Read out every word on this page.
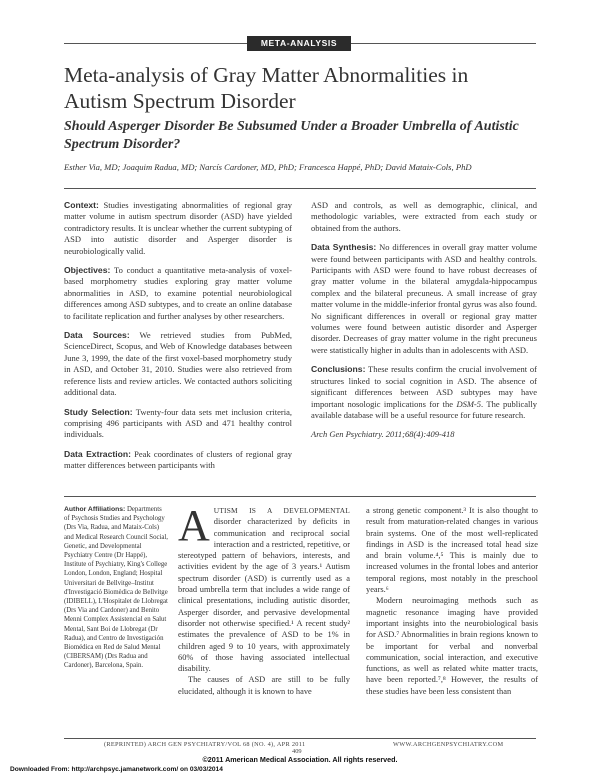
META-ANALYSIS
Meta-analysis of Gray Matter Abnormalities in Autism Spectrum Disorder
Should Asperger Disorder Be Subsumed Under a Broader Umbrella of Autistic Spectrum Disorder?
Esther Via, MD; Joaquim Radua, MD; Narcís Cardoner, MD, PhD; Francesca Happé, PhD; David Mataix-Cols, PhD

Context: Studies investigating abnormalities of regional gray matter volume in autism spectrum disorder (ASD) have yielded contradictory results. It is unclear whether the current subtyping of ASD into autistic disorder and Asperger disorder is neurobiologically valid.

Objectives: To conduct a quantitative meta-analysis of voxel-based morphometry studies exploring gray matter volume abnormalities in ASD, to examine potential neurobiological differences among ASD subtypes, and to create an online database to facilitate replication and further analyses by other researchers.

Data Sources: We retrieved studies from PubMed, ScienceDirect, Scopus, and Web of Knowledge databases between June 3, 1999, the date of the first voxel-based morphometry study in ASD, and October 31, 2010. Studies were also retrieved from reference lists and review articles. We contacted authors soliciting additional data.

Study Selection: Twenty-four data sets met inclusion criteria, comprising 496 participants with ASD and 471 healthy control individuals.

Data Extraction: Peak coordinates of clusters of regional gray matter differences between participants with

ASD and controls, as well as demographic, clinical, and methodologic variables, were extracted from each study or obtained from the authors.

Data Synthesis: No differences in overall gray matter volume were found between participants with ASD and healthy controls. Participants with ASD were found to have robust decreases of gray matter volume in the bilateral amygdala-hippocampus complex and the bilateral precuneus. A small increase of gray matter volume in the middle-inferior frontal gyrus was also found. No significant differences in overall or regional gray matter volumes were found between autistic disorder and Asperger disorder. Decreases of gray matter volume in the right precuneus were statistically higher in adults than in adolescents with ASD.

Conclusions: These results confirm the crucial involvement of structures linked to social cognition in ASD. The absence of significant differences between ASD subtypes may have important nosologic implications for the DSM-5. The publically available database will be a useful resource for future research.

Arch Gen Psychiatry. 2011;68(4):409-418

Author Affiliations: Departments of Psychosis Studies and Psychology (Drs Via, Radua, and Mataix-Cols) and Medical Research Council Social, Genetic, and Developmental Psychiatry Centre (Dr Happé), Institute of Psychiatry, King's College London, London, England; Hospital Universitari de Bellvitge–Institut d'Investigació Biomèdica de Bellvitge (IDIBELL), L'Hospitalet de Llobregat (Drs Via and Cardoner) and Benito Menni Complex Assistencial en Salut Mental, Sant Boi de Llobregat (Dr Radua), and Centro de Investigación Biomédica en Red de Salud Mental (CIBERSAM) (Drs Radua and Cardoner), Barcelona, Spain.

AUTISM IS A DEVELOPMENTAL disorder characterized by deficits in communication and reciprocal social interaction and a restricted, repetitive, or stereotyped pattern of behaviors, interests, and activities evident by the age of 3 years.¹ Autism spectrum disorder (ASD) is currently used as a broad umbrella term that includes a wide range of clinical presentations, including autistic disorder, Asperger disorder, and pervasive developmental disorder not otherwise specified.¹ A recent study² estimates the prevalence of ASD to be 1% in children aged 9 to 10 years, with approximately 60% of those having associated intellectual disability.

The causes of ASD are still to be fully elucidated, although it is known to have

a strong genetic component.³ It is also thought to result from maturation-related changes in various brain systems. One of the most well-replicated findings in ASD is the increased total head size and brain volume.⁴,⁵ This is mainly due to increased volumes in the frontal lobes and anterior temporal regions, most notably in the preschool years.⁶

Modern neuroimaging methods such as magnetic resonance imaging have provided important insights into the neurobiological basis for ASD.⁷ Abnormalities in brain regions known to be important for verbal and nonverbal communication, social interaction, and executive functions, as well as related white matter tracts, have been reported.⁷,⁸ However, the results of these studies have been less consistent than

(REPRINTED) ARCH GEN PSYCHIATRY/VOL 68 (NO. 4), APR 2011	WWW.ARCHGENPSYCHIATRY.COM
409
©2011 American Medical Association. All rights reserved.
Downloaded From: http://archpsyc.jamanetwork.com/ on 03/03/2014
